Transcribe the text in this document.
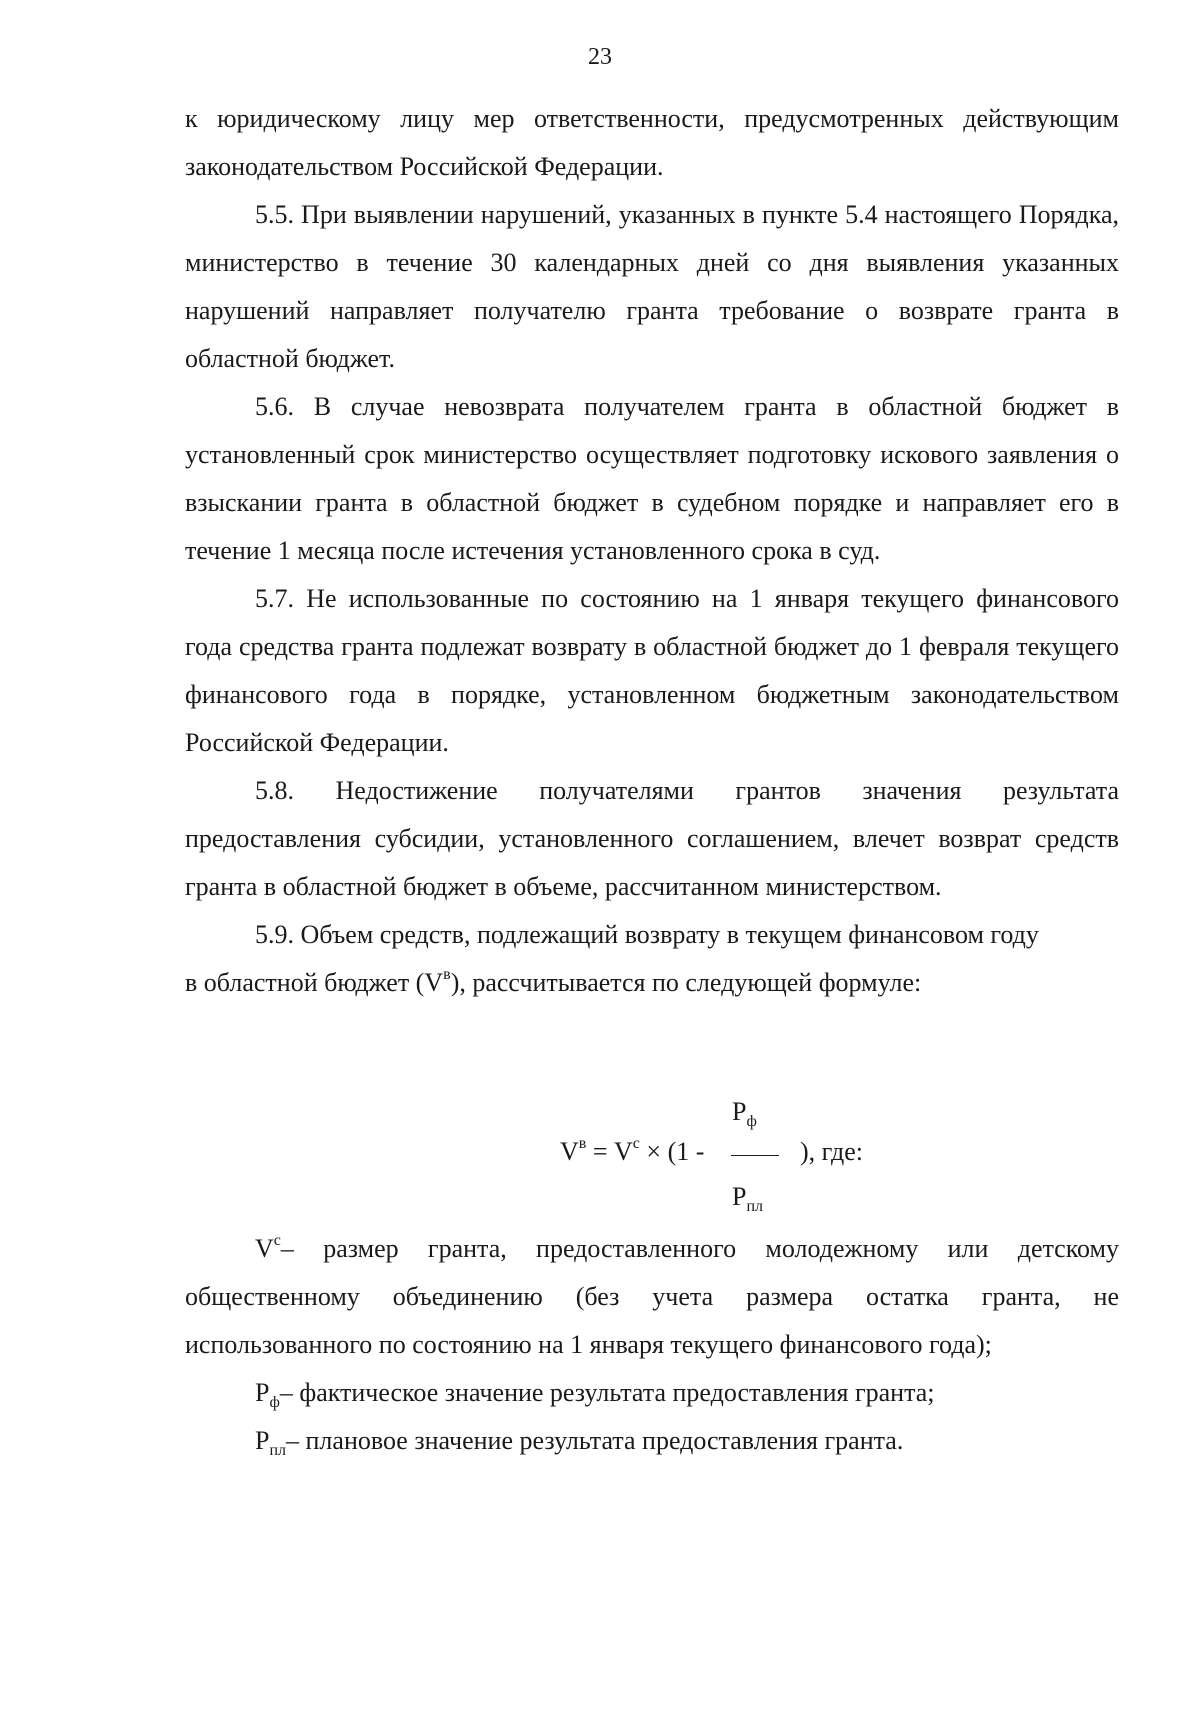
23

к юридическому лицу мер ответственности, предусмотренных действующим законодательством Российской Федерации.

5.5. При выявлении нарушений, указанных в пункте 5.4 настоящего Порядка, министерство в течение 30 календарных дней со дня выявления указанных нарушений направляет получателю гранта требование о возврате гранта в областной бюджет.

5.6. В случае невозврата получателем гранта в областной бюджет в установленный срок министерство осуществляет подготовку искового заявления о взыскании гранта в областной бюджет в судебном порядке и направляет его в течение 1 месяца после истечения установленного срока в суд.

5.7. Не использованные по состоянию на 1 января текущего финансового года средства гранта подлежат возврату в областной бюджет до 1 февраля текущего финансового года в порядке, установленном бюджетным законодательством Российской Федерации.

5.8. Недостижение получателями грантов значения результата предоставления субсидии, установленного соглашением, влечет возврат средств гранта в областной бюджет в объеме, рассчитанном министерством.

5.9. Объем средств, подлежащий возврату в текущем финансовом году

в областной бюджет $(V^в)$, рассчитывается по следующей формуле:

$V^в = V^с \times (1$ -
$Р_ф$
$Р_{пл}$
), где:

$V^с-$ размер гранта, предоставленного молодежному или детскому общественному объединению (без учета размера остатка гранта, не использованного по состоянию на 1 января текущего финансового года);

$Р_ф-$ фактическое значение результата предоставления гранта;

$Р_{пл}-$ плановое значение результата предоставления гранта.
